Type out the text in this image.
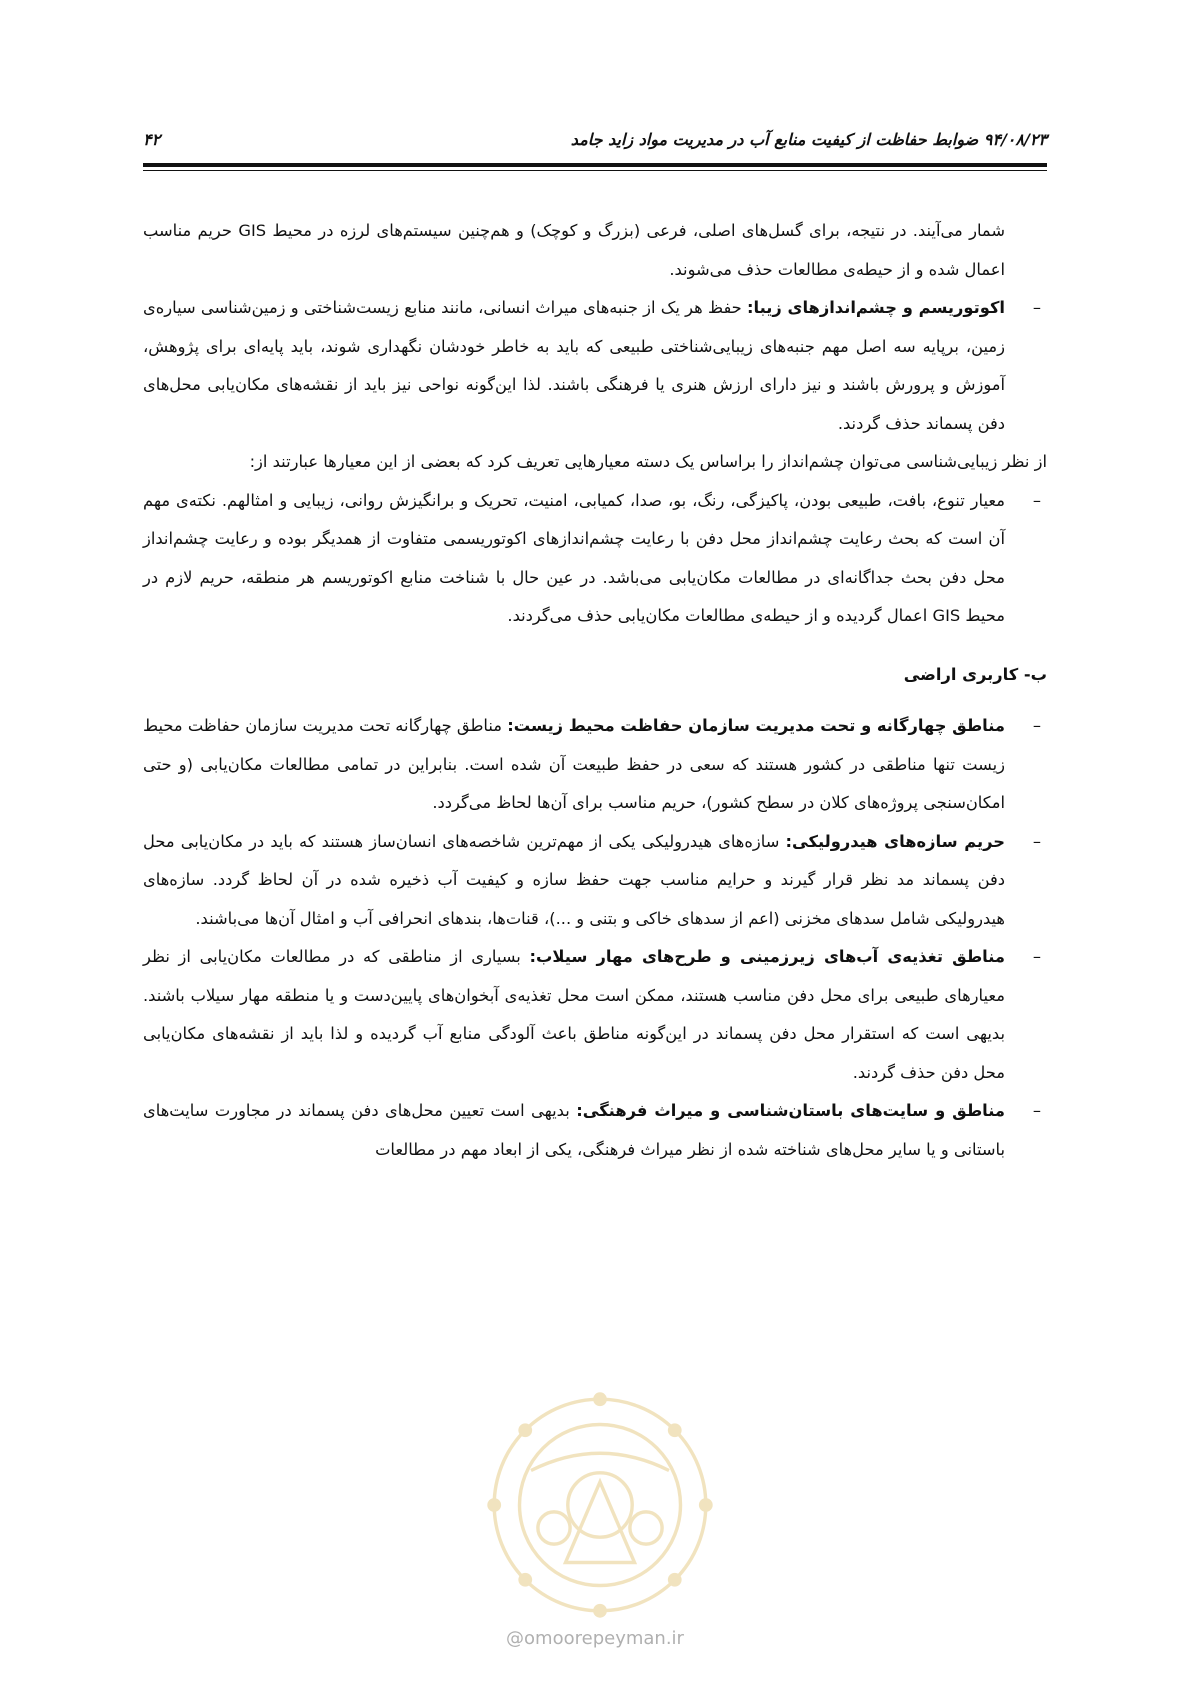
۹۴/۰۸/۲۳ ضوابط حفاظت از کیفیت منابع آب در مدیریت مواد زاید جامد
۴۲

شمار می‌آیند. در نتیجه، برای گسل‌های اصلی، فرعی (بزرگ و کوچک) و هم‌چنین سیستم‌های لرزه در محیط GIS حریم مناسب اعمال شده و از حیطه‌ی مطالعات حذف می‌شوند.

–
اکوتوریسم و چشم‌اندازهای زیبا: حفظ هر یک از جنبه‌های میراث انسانی، مانند منابع زیست‌شناختی و زمین‌شناسی سیاره‌ی زمین، برپایه سه اصل مهم جنبه‌های زیبایی‌شناختی طبیعی که باید به خاطر خودشان نگهداری شوند، باید پایه‌ای برای پژوهش، آموزش و پرورش باشند و نیز دارای ارزش هنری یا فرهنگی باشند. لذا این‌گونه نواحی نیز باید از نقشه‌های مکان‌یابی محل‌های دفن پسماند حذف گردند.

از نظر زیبایی‌شناسی می‌توان چشم‌انداز را براساس یک دسته معیارهایی تعریف کرد که بعضی از این معیارها عبارتند از:

–
معیار تنوع، بافت، طبیعی بودن، پاکیزگی، رنگ، بو، صدا، کمیابی، امنیت، تحریک و برانگیزش روانی، زیبایی و امثالهم. نکته‌ی مهم آن است که بحث رعایت چشم‌انداز محل دفن با رعایت چشم‌اندازهای اکوتوریسمی متفاوت از همدیگر بوده و رعایت چشم‌انداز محل دفن بحث جداگانه‌ای در مطالعات مکان‌یابی می‌باشد. در عین حال با شناخت منابع اکوتوریسم هر منطقه، حریم لازم در محیط GIS اعمال گردیده و از حیطه‌ی مطالعات مکان‌یابی حذف می‌گردند.

ب- کاربری اراضی

–
مناطق چهارگانه و تحت مدیریت سازمان حفاظت محیط زیست: مناطق چهارگانه تحت مدیریت سازمان حفاظت محیط زیست تنها مناطقی در کشور هستند که سعی در حفظ طبیعت آن شده است. بنابراین در تمامی مطالعات مکان‌یابی (و حتی امکان‌سنجی پروژه‌های کلان در سطح کشور)، حریم مناسب برای آن‌ها لحاظ می‌گردد.

–
حریم سازه‌های هیدرولیکی: سازه‌های هیدرولیکی یکی از مهم‌ترین شاخصه‌های انسان‌ساز هستند که باید در مکان‌یابی محل دفن پسماند مد نظر قرار گیرند و حرایم مناسب جهت حفظ سازه و کیفیت آب ذخیره شده در آن لحاظ گردد. سازه‌های هیدرولیکی شامل سدهای مخزنی (اعم از سدهای خاکی و بتنی و ...)، قنات‌ها، بندهای انحرافی آب و امثال آن‌ها می‌باشند.

–
مناطق تغذیه‌ی آب‌های زیرزمینی و طرح‌های مهار سیلاب: بسیاری از مناطقی که در مطالعات مکان‌یابی از نظر معیارهای طبیعی برای محل دفن مناسب هستند، ممکن است محل تغذیه‌ی آبخوان‌های پایین‌دست و یا منطقه مهار سیلاب باشند. بدیهی است که استقرار محل دفن پسماند در این‌گونه مناطق باعث آلودگی منابع آب گردیده و لذا باید از نقشه‌های مکان‌یابی محل دفن حذف گردند.

–
مناطق و سایت‌های باستان‌شناسی و میراث فرهنگی: بدیهی است تعیین محل‌های دفن پسماند در مجاورت سایت‌های باستانی و یا سایر محل‌های شناخته شده از نظر میراث فرهنگی، یکی از ابعاد مهم در مطالعات

@omoorepeyman.ir
